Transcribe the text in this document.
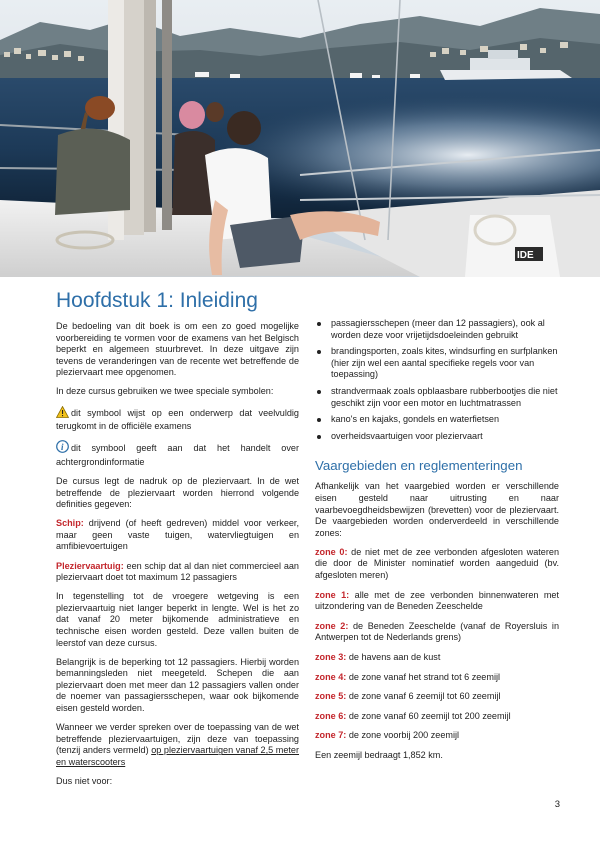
IDE
Hoofdstuk 1: Inleiding

De bedoeling van dit boek is om een zo goed mogelijke voorbereiding te vormen voor de examens van het Belgisch beperkt en algemeen stuurbrevet. In deze uitgave zijn tevens de veranderingen van de recente wet betreffende de pleziervaart mee opgenomen.

In deze cursus gebruiken we twee speciale symbolen:

dit symbool wijst op een onderwerp dat veelvuldig terugkomt in de officiële examens

i dit symbool geeft aan dat het handelt over achtergrondinformatie

De cursus legt de nadruk op de pleziervaart. In de wet betreffende de pleziervaart worden hierrond volgende definities gegeven:

Schip: drijvend (of heeft gedreven) middel voor verkeer, maar geen vaste tuigen, watervliegtuigen en amfibievoertuigen

Pleziervaartuig: een schip dat al dan niet commercieel aan pleziervaart doet tot maximum 12 passagiers

In tegenstelling tot de vroegere wetgeving is een pleziervaartuig niet langer beperkt in lengte. Wel is het zo dat vanaf 20 meter bijkomende administratieve en technische eisen worden gesteld. Deze vallen buiten de leerstof van deze cursus.

Belangrijk is de beperking tot 12 passagiers. Hierbij worden bemanningsleden niet meegeteld. Schepen die aan pleziervaart doen met meer dan 12 passagiers vallen onder de noemer van passagiersschepen, waar ook bijkomende eisen gesteld worden.

Wanneer we verder spreken over de toepassing van de wet betreffende pleziervaartuigen, zijn deze van toepassing (tenzij anders vermeld) op pleziervaartuigen vanaf 2,5 meter en waterscooters

Dus niet voor:

passagiersschepen (meer dan 12 passagiers), ook al worden deze voor vrijetijdsdoeleinden gebruikt
brandingsporten, zoals kites, windsurfing en surfplanken (hier zijn wel een aantal specifieke regels voor van toepassing)
strandvermaak zoals opblaasbare rubberbootjes die niet geschikt zijn voor een motor en luchtmatrassen
kano's en kajaks, gondels en waterfietsen
overheidsvaartuigen voor pleziervaart
Vaargebieden en reglementeringen

Afhankelijk van het vaargebied worden er verschillende eisen gesteld naar uitrusting en naar vaarbevoegdheidsbewijzen (brevetten) voor de pleziervaart. De vaargebieden worden onderverdeeld in verschillende zones:

zone 0: de niet met de zee verbonden afgesloten wateren die door de Minister nominatief worden aangeduid (bv. afgesloten meren)

zone 1: alle met de zee verbonden binnenwateren met uitzondering van de Beneden Zeeschelde

zone 2: de Beneden Zeeschelde (vanaf de Royersluis in Antwerpen tot de Nederlands grens)

zone 3: de havens aan de kust

zone 4: de zone vanaf het strand tot 6 zeemijl

zone 5: de zone vanaf 6 zeemijl tot 60 zeemijl

zone 6: de zone vanaf 60 zeemijl tot 200 zeemijl

zone 7: de zone voorbij 200 zeemijl

Een zeemijl bedraagt 1,852 km.

3
